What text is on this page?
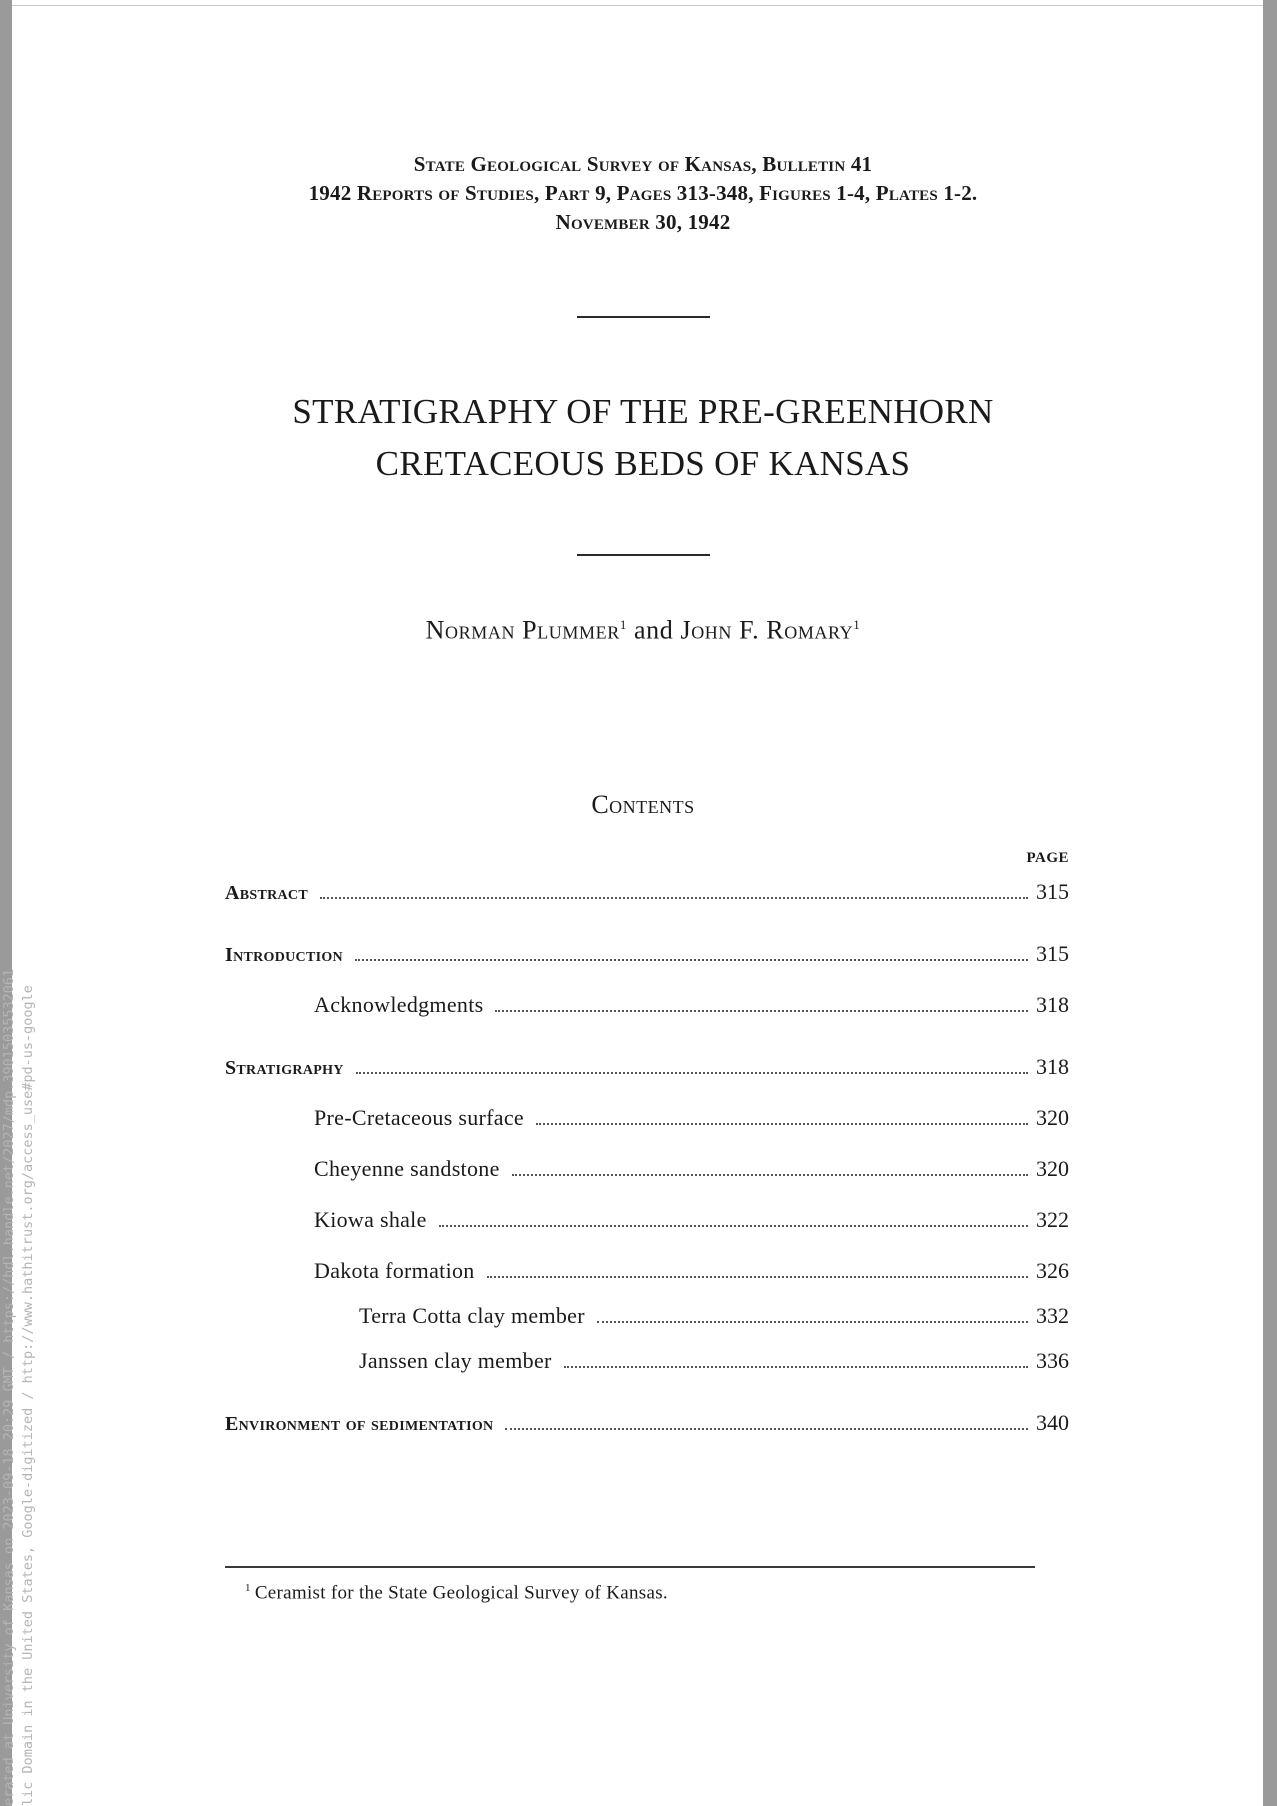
erated at University of Kansas on 2023-09-18 20:29 GMT / https://hdl.handle.net/2027/mdp.39015035532061 lic Domain in the United States, Google-digitized / http://www.hathitrust.org/access_use#pd-us-google
State Geological Survey of Kansas, Bulletin 41
1942 Reports of Studies, Part 9, Pages 313-348, Figures 1-4, Plates 1-2.
November 30, 1942
STRATIGRAPHY OF THE PRE-GREENHORN
CRETACEOUS BEDS OF KANSAS
Norman Plummer$^1$ and John F. Romary$^1$
Contents
PAGE
Abstract	315
Introduction	315
Acknowledgments	318
Stratigraphy	318
Pre-Cretaceous surface	320
Cheyenne sandstone	320
Kiowa shale	322
Dakota formation	326
Terra Cotta clay member	332
Janssen clay member	336
Environment of sedimentation	340
$^1$ Ceramist for the State Geological Survey of Kansas.
